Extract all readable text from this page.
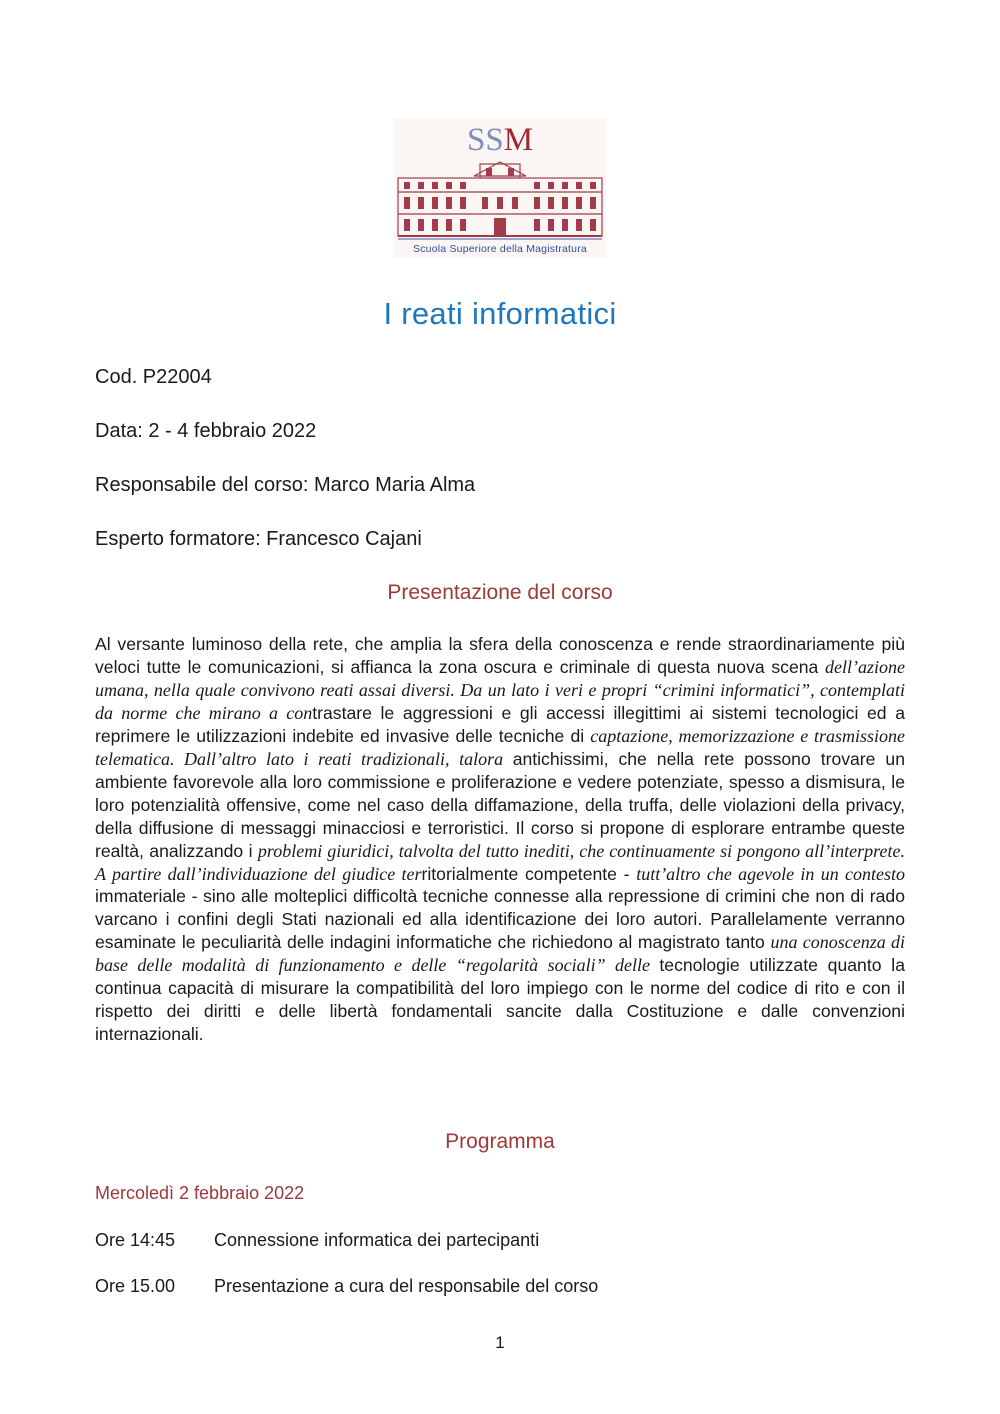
SSM
Scuola Superiore della Magistratura
I reati informatici
Cod. P22004
Data: 2 - 4 febbraio 2022
Responsabile del corso: Marco Maria Alma
Esperto formatore: Francesco Cajani
Presentazione del corso
Al versante luminoso della rete, che amplia la sfera della conoscenza e rende straordinariamente più veloci tutte le comunicazioni, si affianca la zona oscura e criminale di questa nuova scena dell’azione umana, nella quale convivono reati assai diversi. Da un lato i veri e propri “crimini informatici”, contemplati da norme che mirano a contrastare le aggressioni e gli accessi illegittimi ai sistemi tecnologici ed a reprimere le utilizzazioni indebite ed invasive delle tecniche di captazione, memorizzazione e trasmissione telematica. Dall’altro lato i reati tradizionali, talora antichissimi, che nella rete possono trovare un ambiente favorevole alla loro commissione e proliferazione e vedere potenziate, spesso a dismisura, le loro potenzialità offensive, come nel caso della diffamazione, della truffa, delle violazioni della privacy, della diffusione di messaggi minacciosi e terroristici. Il corso si propone di esplorare entrambe queste realtà, analizzando i problemi giuridici, talvolta del tutto inediti, che continuamente si pongono all’interprete. A partire dall’individuazione del giudice territorialmente competente - tutt’altro che agevole in un contesto immateriale - sino alle molteplici difficoltà tecniche connesse alla repressione di crimini che non di rado varcano i confini degli Stati nazionali ed alla identificazione dei loro autori. Parallelamente verranno esaminate le peculiarità delle indagini informatiche che richiedono al magistrato tanto una conoscenza di base delle modalità di funzionamento e delle “regolarità sociali” delle tecnologie utilizzate quanto la continua capacità di misurare la compatibilità del loro impiego con le norme del codice di rito e con il rispetto dei diritti e delle libertà fondamentali sancite dalla Costituzione e dalle convenzioni internazionali.
Programma
Mercoledì 2 febbraio 2022
Ore 14:45 Connessione informatica dei partecipanti
Ore 15.00 Presentazione a cura del responsabile del corso
1
